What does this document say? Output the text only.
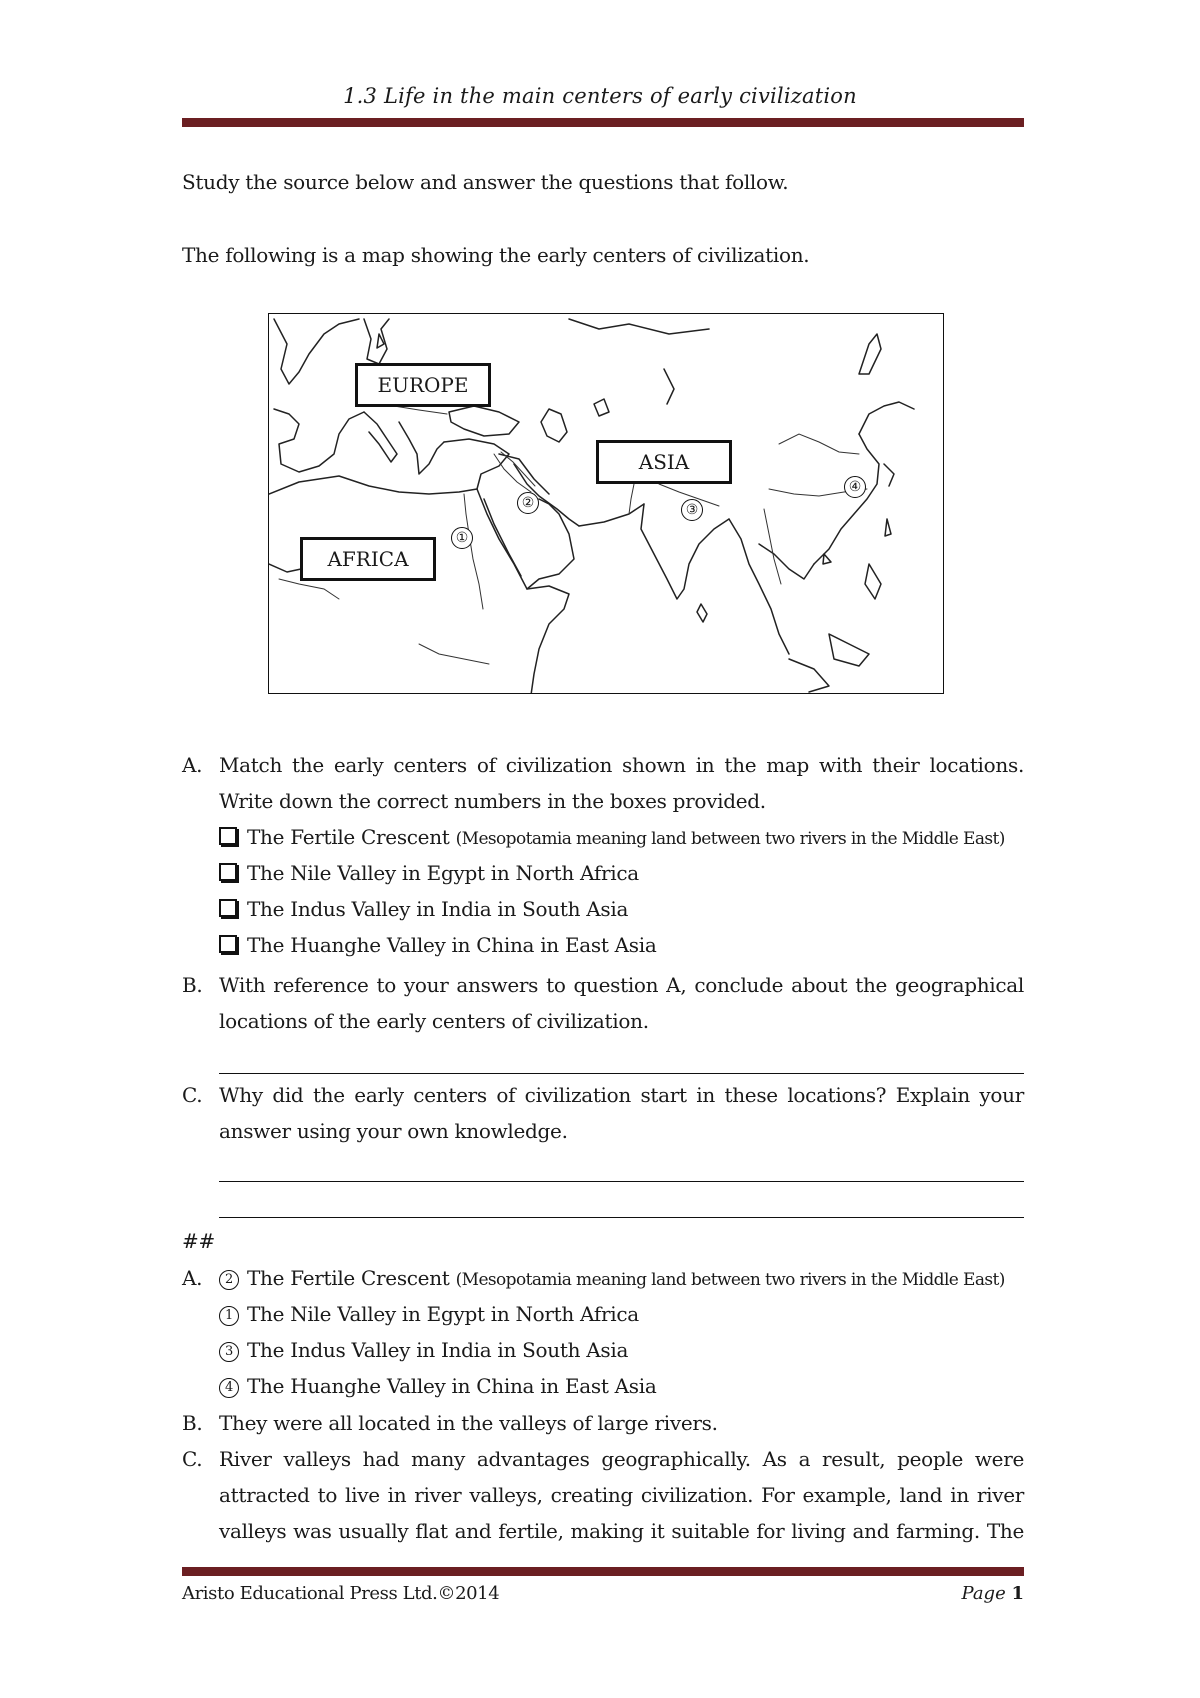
1.3 Life in the main centers of early civilization
Study the source below and answer the questions that follow.
The following is a map showing the early centers of civilization.
EUROPE
ASIA
AFRICA
①
②	③
④
A. Match the early centers of civilization shown in the map with their locations. Write down the correct numbers in the boxes provided.
The Fertile Crescent (Mesopotamia meaning land between two rivers in the Middle East)
The Nile Valley in Egypt in North Africa
The Indus Valley in India in South Asia
The Huanghe Valley in China in East Asia
B. With reference to your answers to question A, conclude about the geographical locations of the early centers of civilization.
C. Why did the early centers of civilization start in these locations? Explain your answer using your own knowledge.
##
A.	2 The Fertile Crescent (Mesopotamia meaning land between two rivers in the Middle East)
1 The Nile Valley in Egypt in North Africa
3 The Indus Valley in India in South Asia
4 The Huanghe Valley in China in East Asia
B. They were all located in the valleys of large rivers.
C. River valleys had many advantages geographically. As a result, people were attracted to live in river valleys, creating civilization. For example, land in river valleys was usually flat and fertile, making it suitable for living and farming. The
Aristo Educational Press Ltd.©2014	Page 1
